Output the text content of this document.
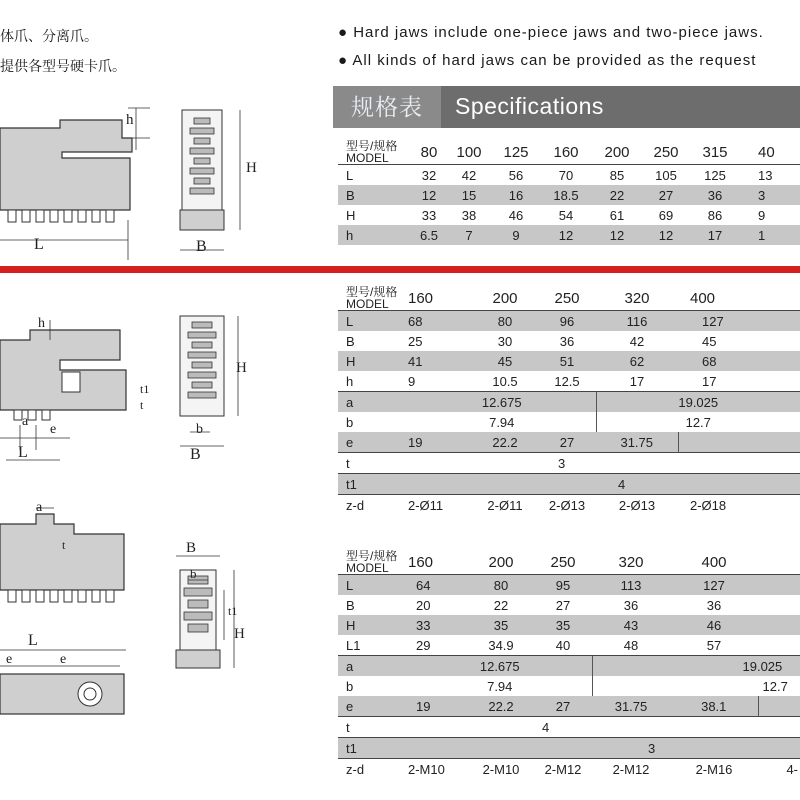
体爪、分离爪。
提供各型号硬卡爪。
● Hard jaws include one-piece jaws and two-piece jaws.
● All kinds of hard jaws can be provided as the request
规格表	Specifications
L
h
B
H
a
e
L
h
b
B
H
t1
t
a
t
L
e	e
B
b
t1
H
型号/规格
MODEL	80	100	125	160	200	250	315	40
L	32	42	56	70	85	105	125	13
B	12	15	16	18.5	22	27	36	3
H	33	38	46	54	61	69	86	9
h	6.5	7	9	12	12	12	17	1
型号/规格
MODEL	160	200	250	320	400
L	68	80	96	116	127
B	25	30	36	42	45
H	41	45	51	62	68
h	9	10.5	12.5	17	17
a	12.675			19.025	
b	7.94			12.7	
e	19	22.2	27	31.75	
t	3				
t1	4				
z-d	2-Ø11	2-Ø11	2-Ø13	2-Ø13	2-Ø18
型号/规格
MODEL	160	200	250	320	400	
L	64	80	95	113	127	
B	20	22	27	36	36	
H	33	35	35	43	46	
L1	29	34.9	40	48	57	
a	12.675			19.025		
b	7.94			12.7		
e	19	22.2	27	31.75	38.1	
t	4					
t1	3					
z-d	2-M10	2-M10	2-M12	2-M12	2-M16	4-
